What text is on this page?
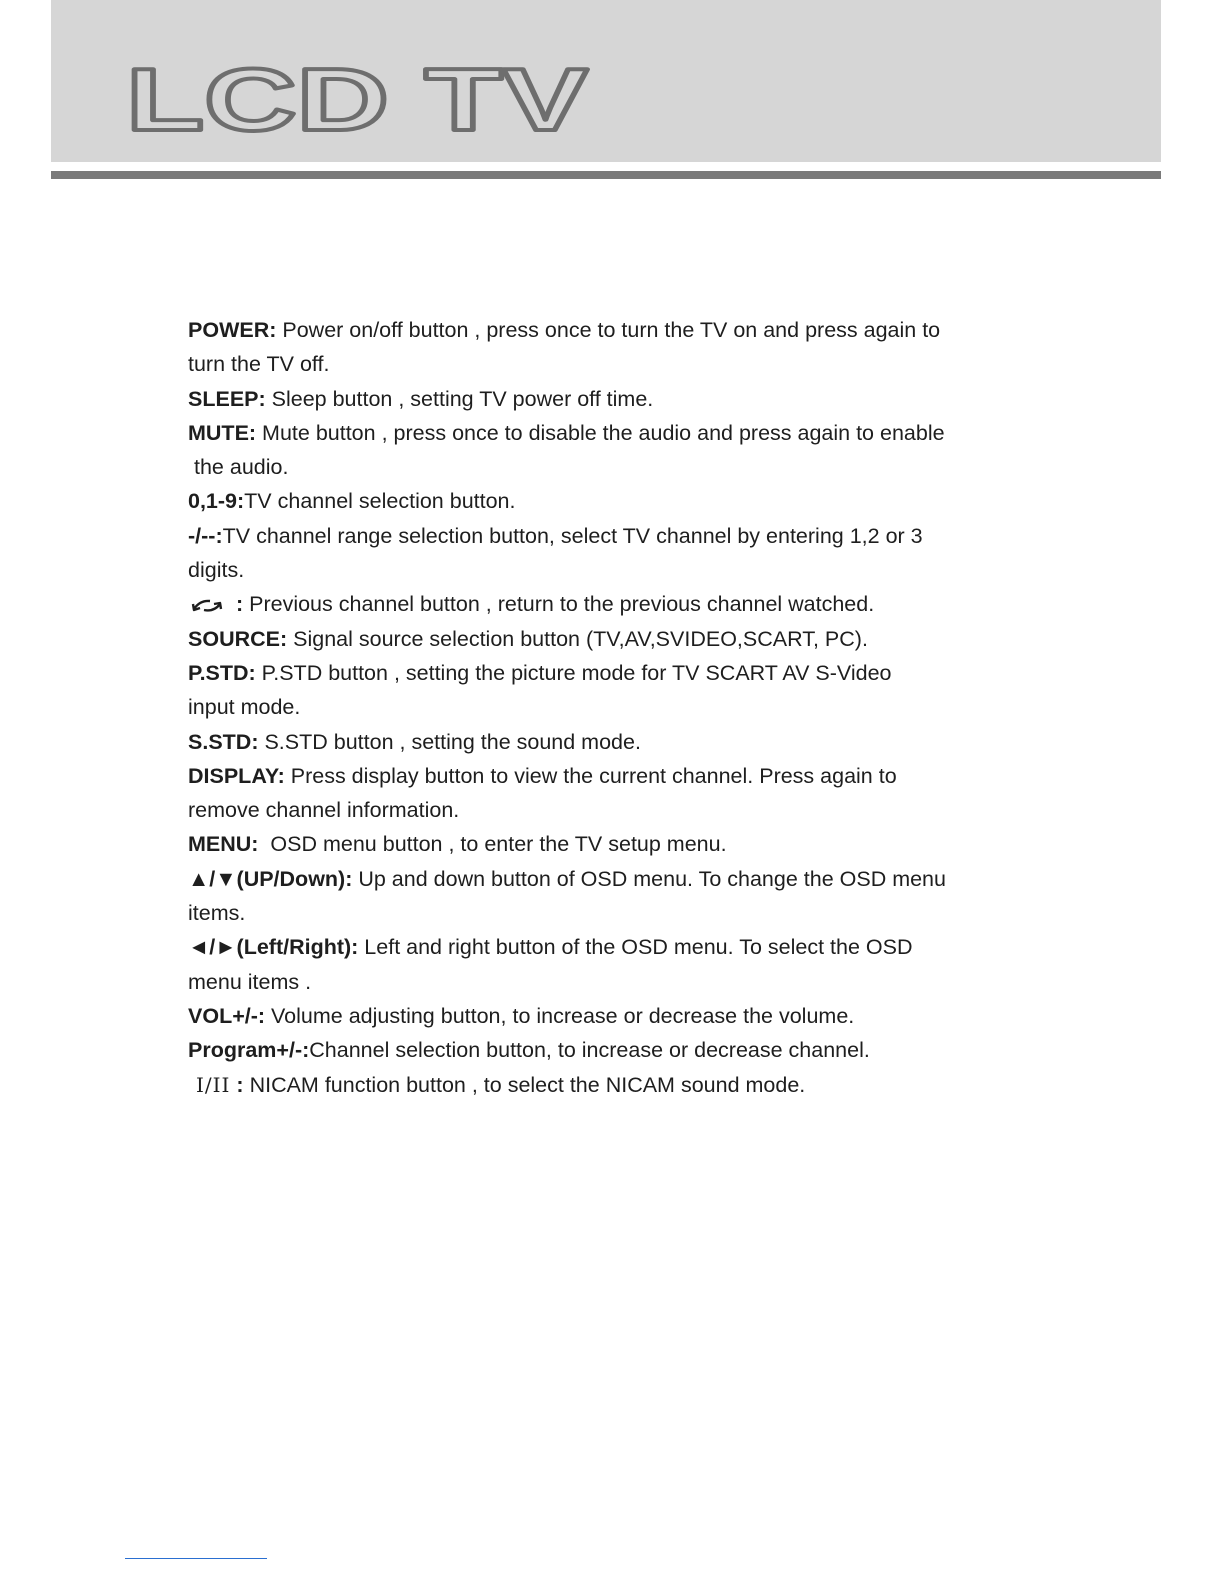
LCD TV
POWER: Power on/off button , press once to turn the TV on and press again to
turn the TV off.
SLEEP: Sleep button , setting TV power off time.
MUTE: Mute button , press once to disable the audio and press again to enable
the audio.
0,1-9:TV channel selection button.
-/--:TV channel range selection button, select TV channel by entering 1,2 or 3
digits.
: Previous channel button , return to the previous channel watched.
SOURCE: Signal source selection button (TV,AV,SVIDEO,SCART, PC).
P.STD: P.STD button , setting the picture mode for TV SCART AV S-Video
input mode.
S.STD: S.STD button , setting the sound mode.
DISPLAY: Press display button to view the current channel. Press again to
remove channel information.
MENU:  OSD menu button , to enter the TV setup menu.
▲/▼(UP/Down): Up and down button of OSD menu. To change the OSD menu
items.
◄/►(Left/Right): Left and right button of the OSD menu. To select the OSD
menu items .
VOL+/-: Volume adjusting button, to increase or decrease the volume.
Program+/-:Channel selection button, to increase or decrease channel.
I/II : NICAM function button , to select the NICAM sound mode.
